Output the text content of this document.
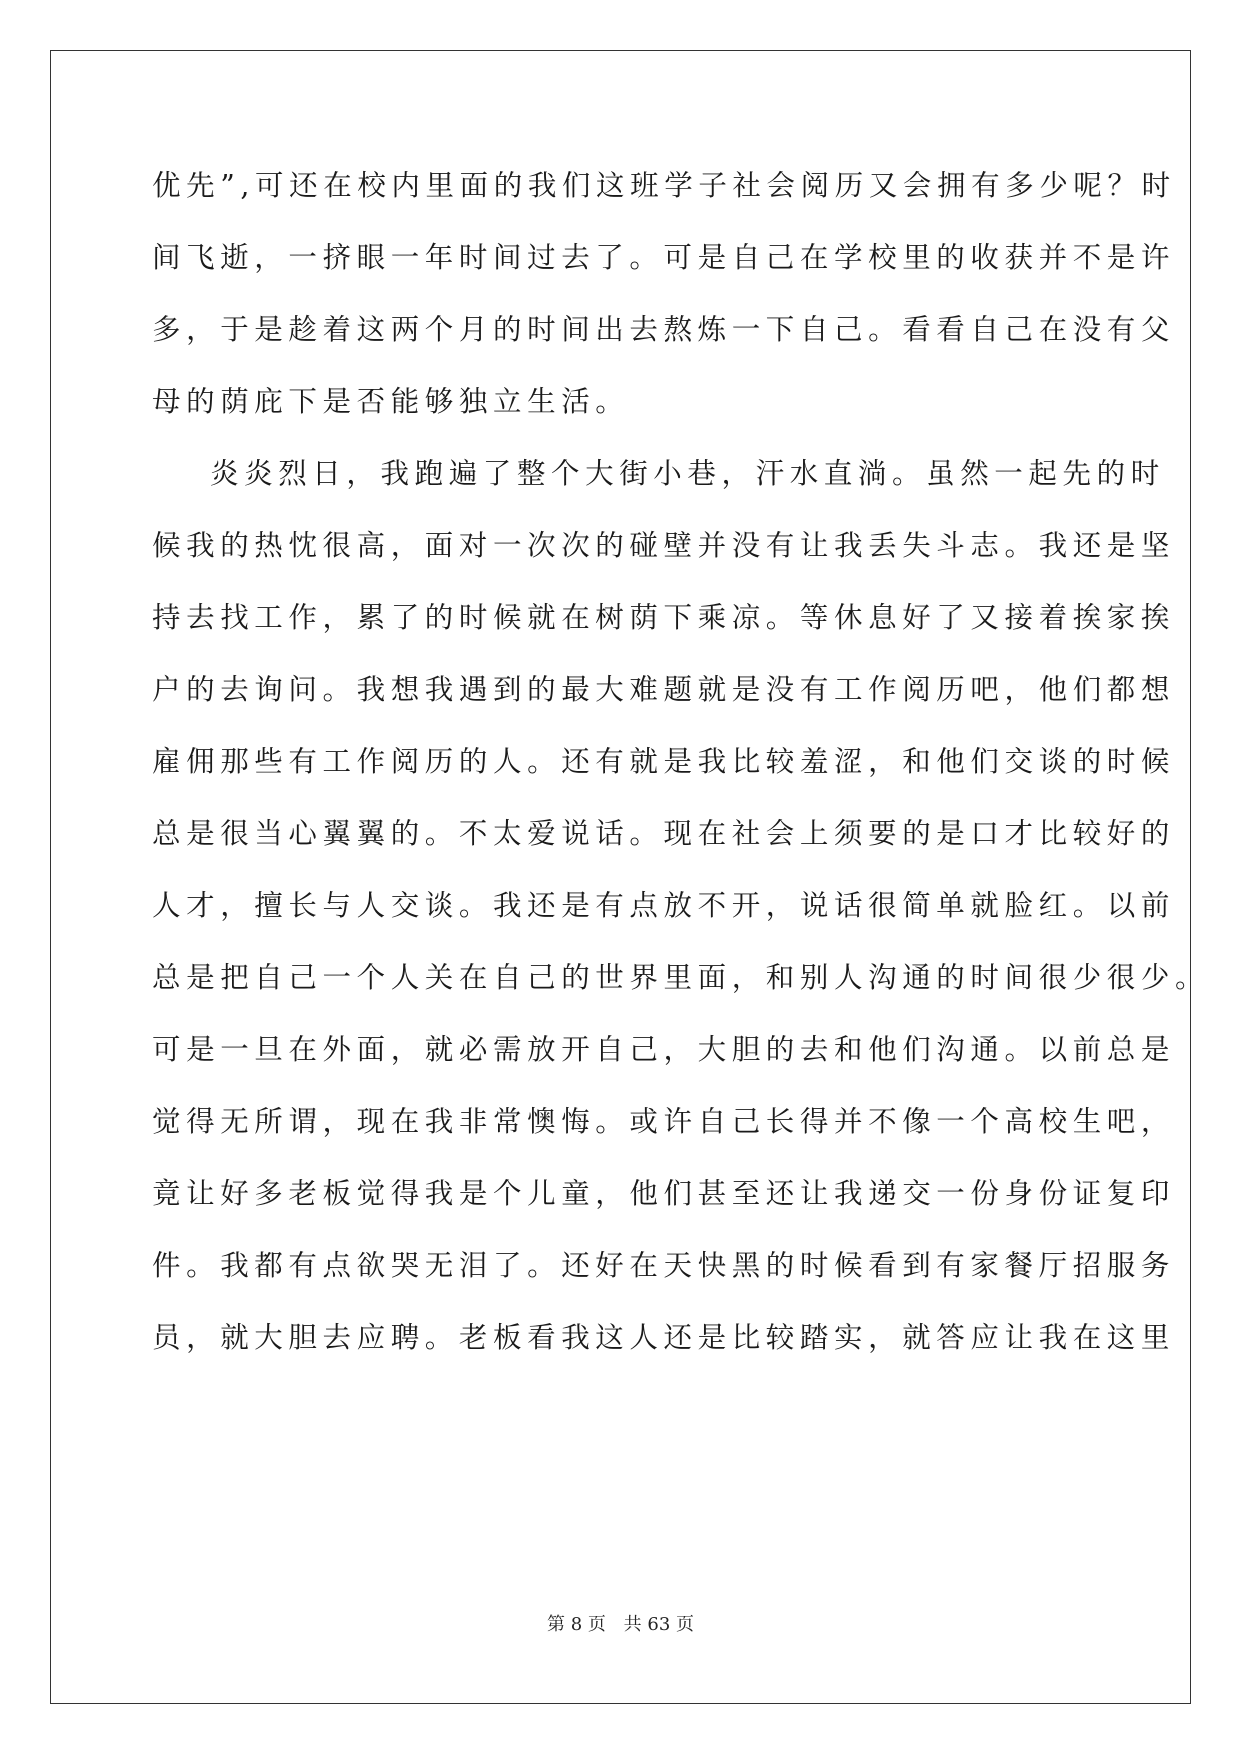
优先”,可还在校内里面的我们这班学子社会阅历又会拥有多少呢？时
间飞逝，一挤眼一年时间过去了。可是自己在学校里的收获并不是许
多，于是趁着这两个月的时间出去熬炼一下自己。看看自己在没有父
母的荫庇下是否能够独立生活。
炎炎烈日，我跑遍了整个大街小巷，汗水直淌。虽然一起先的时
候我的热忱很高，面对一次次的碰壁并没有让我丢失斗志。我还是坚
持去找工作，累了的时候就在树荫下乘凉。等休息好了又接着挨家挨
户的去询问。我想我遇到的最大难题就是没有工作阅历吧，他们都想
雇佣那些有工作阅历的人。还有就是我比较羞涩，和他们交谈的时候
总是很当心翼翼的。不太爱说话。现在社会上须要的是口才比较好的
人才，擅长与人交谈。我还是有点放不开，说话很简单就脸红。以前
总是把自己一个人关在自己的世界里面，和别人沟通的时间很少很少。
可是一旦在外面，就必需放开自己，大胆的去和他们沟通。以前总是
觉得无所谓，现在我非常懊悔。或许自己长得并不像一个高校生吧，
竟让好多老板觉得我是个儿童，他们甚至还让我递交一份身份证复印
件。我都有点欲哭无泪了。还好在天快黑的时候看到有家餐厅招服务
员，就大胆去应聘。老板看我这人还是比较踏实，就答应让我在这里
第 8 页 共 63 页
